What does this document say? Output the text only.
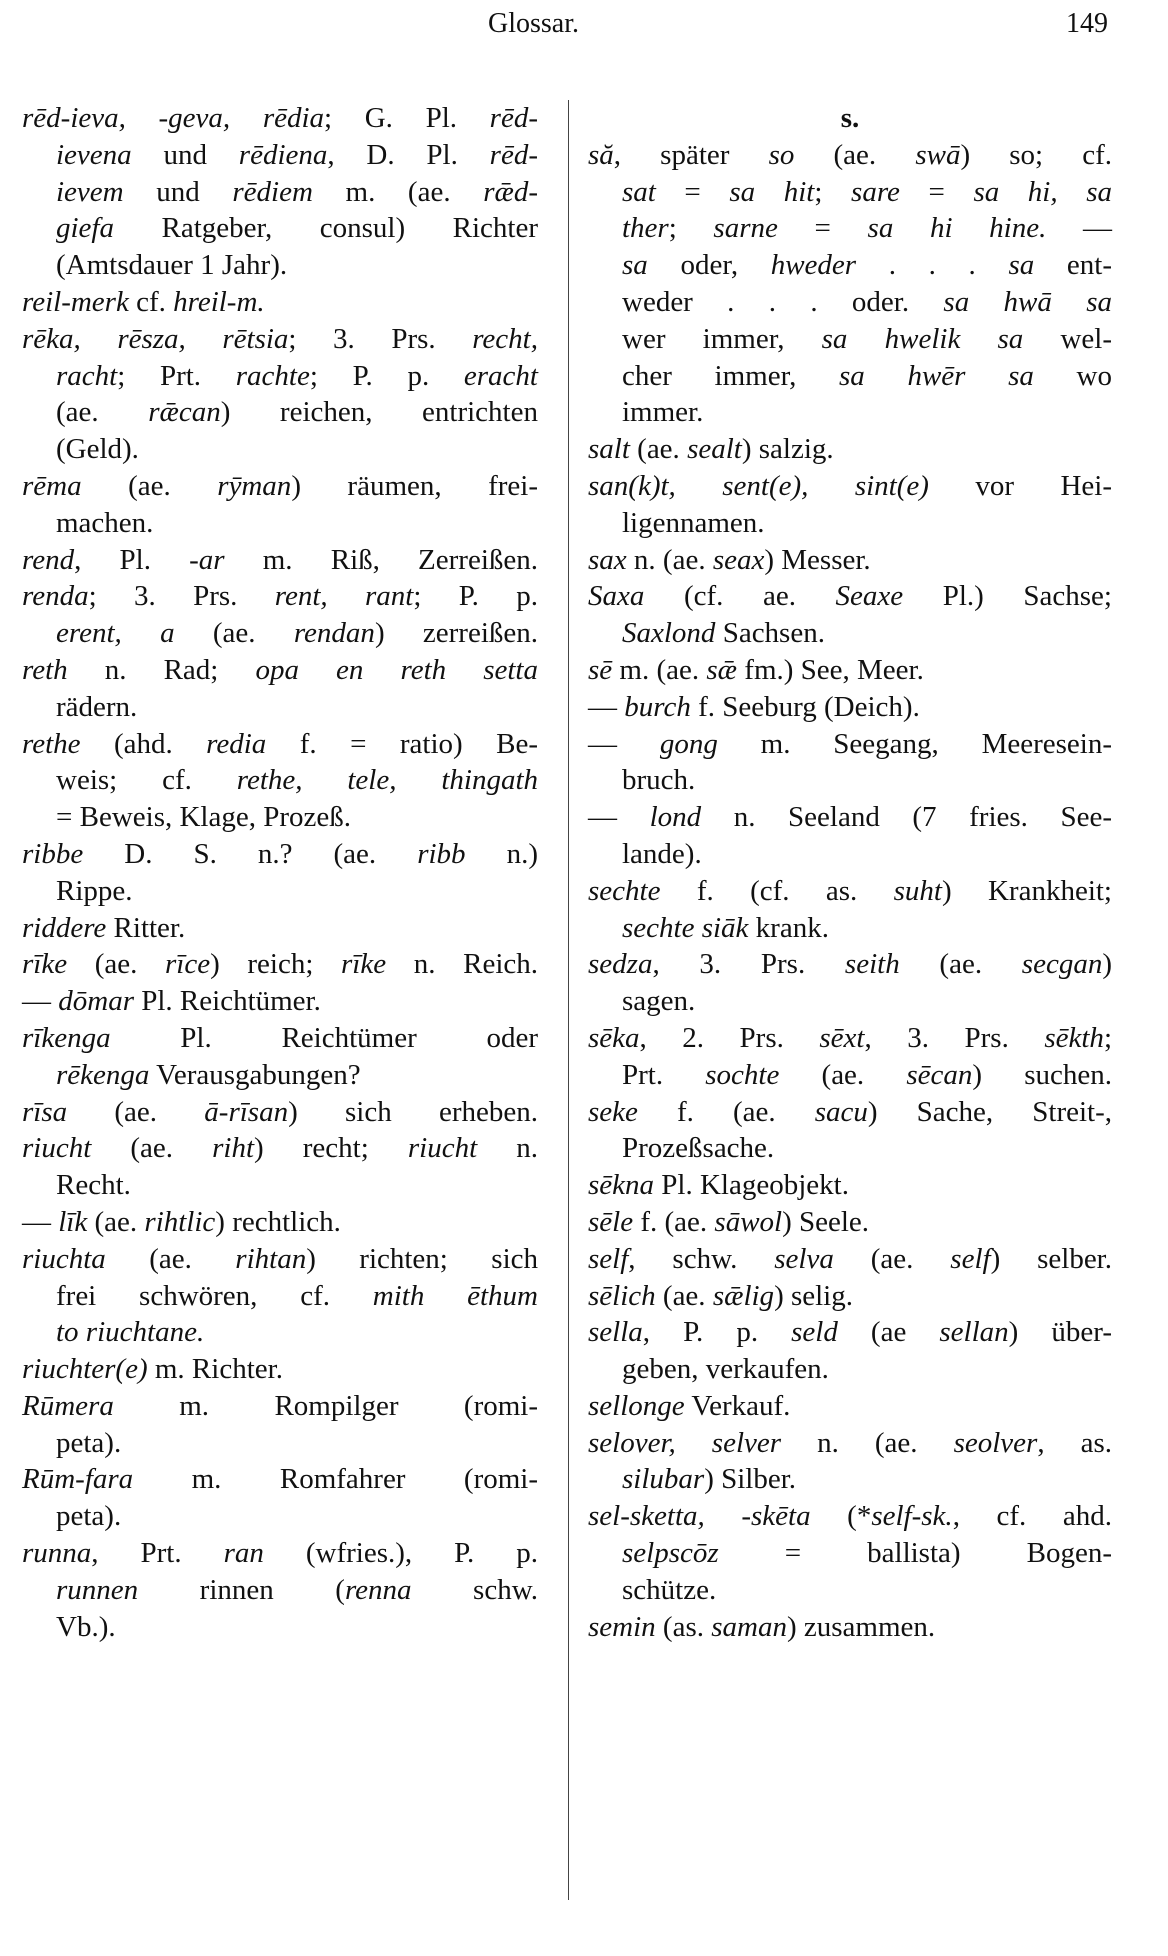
Glossar.	149
rēd-ieva, -geva, rēdia; G. Pl. rēd-
ievena und rēdiena, D. Pl. rēd-
ievem und rēdiem m. (ae. rǣd-
giefa Ratgeber, consul) Richter
(Amtsdauer 1 Jahr).
reil-merk cf. hreil-m.
rēka, rēsza, rētsia; 3. Prs. recht,
racht; Prt. rachte; P. p. eracht
(ae. rǣcan) reichen, entrichten
(Geld).
rēma (ae. rȳman) räumen, frei-
machen.
rend, Pl. -ar m. Riß, Zerreißen.
renda; 3. Prs. rent, rant; P. p.
erent, a (ae. rendan) zerreißen.
reth n. Rad; opa en reth setta
rädern.
rethe (ahd. redia f. = ratio) Be-
weis; cf. rethe, tele, thingath
= Beweis, Klage, Prozeß.
ribbe D. S. n.? (ae. ribb n.)
Rippe.
riddere Ritter.
rīke (ae. rīce) reich; rīke n. Reich.
— dōmar Pl. Reichtümer.
rīkenga Pl. Reichtümer oder
rēkenga Verausgabungen?
rīsa (ae. ā-rīsan) sich erheben.
riucht (ae. riht) recht; riucht n.
Recht.
— līk (ae. rihtlic) rechtlich.
riuchta (ae. rihtan) richten; sich
frei schwören, cf. mith ēthum
to riuchtane.
riuchter(e) m. Richter.
Rūmera m. Rompilger (romi-
peta).
Rūm-fara m. Romfahrer (romi-
peta).
runna, Prt. ran (wfries.), P. p.
runnen rinnen (renna schw.
Vb.).
s.
să, später so (ae. swā) so; cf.
sat = sa hit; sare = sa hi, sa
ther; sarne = sa hi hine. —
sa oder, hweder . . . sa ent-
weder . . . oder. sa hwā sa
wer immer, sa hwelik sa wel-
cher immer, sa hwēr sa wo
immer.
salt (ae. sealt) salzig.
san(k)t, sent(e), sint(e) vor Hei-
ligennamen.
sax n. (ae. seax) Messer.
Saxa (cf. ae. Seaxe Pl.) Sachse;
Saxlond Sachsen.
sē m. (ae. sǣ fm.) See, Meer.
— burch f. Seeburg (Deich).
— gong m. Seegang, Meeresein-
bruch.
— lond n. Seeland (7 fries. See-
lande).
sechte f. (cf. as. suht) Krankheit;
sechte siāk krank.
sedza, 3. Prs. seith (ae. secgan)
sagen.
sēka, 2. Prs. sēxt, 3. Prs. sēkth;
Prt. sochte (ae. sēcan) suchen.
seke f. (ae. sacu) Sache, Streit-,
Prozeßsache.
sēkna Pl. Klageobjekt.
sēle f. (ae. sāwol) Seele.
self, schw. selva (ae. self) selber.
sēlich (ae. sǣlig) selig.
sella, P. p. seld (ae sellan) über-
geben, verkaufen.
sellonge Verkauf.
selover, selver n. (ae. seolver, as.
silubar) Silber.
sel-sketta, -skēta (*self-sk., cf. ahd.
selpscōz = ballista) Bogen-
schütze.
semin (as. saman) zusammen.
